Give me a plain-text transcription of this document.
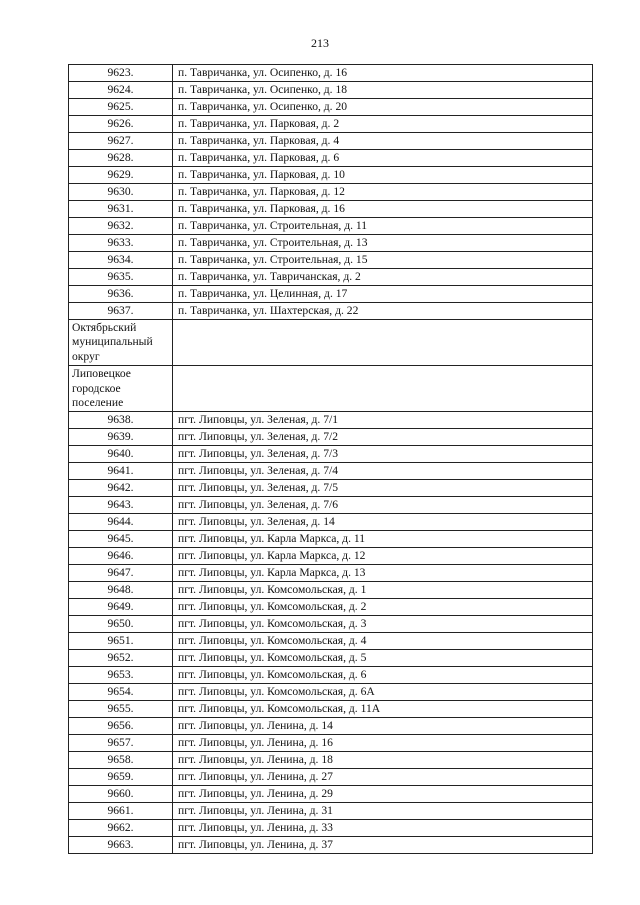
213
9623.	п. Тавричанка, ул. Осипенко, д. 16
9624.	п. Тавричанка, ул. Осипенко, д. 18
9625.	п. Тавричанка, ул. Осипенко, д. 20
9626.	п. Тавричанка, ул. Парковая, д. 2
9627.	п. Тавричанка, ул. Парковая, д. 4
9628.	п. Тавричанка, ул. Парковая, д. 6
9629.	п. Тавричанка, ул. Парковая, д. 10
9630.	п. Тавричанка, ул. Парковая, д. 12
9631.	п. Тавричанка, ул. Парковая, д. 16
9632.	п. Тавричанка, ул. Строительная, д. 11
9633.	п. Тавричанка, ул. Строительная, д. 13
9634.	п. Тавричанка, ул. Строительная, д. 15
9635.	п. Тавричанка, ул. Тавричанская, д. 2
9636.	п. Тавричанка, ул. Целинная, д. 17
9637.	п. Тавричанка, ул. Шахтерская, д. 22
Октябрьский муниципальный округ	
Липовецкое городское поселение	
9638.	пгт. Липовцы, ул. Зеленая, д. 7/1
9639.	пгт. Липовцы, ул. Зеленая, д. 7/2
9640.	пгт. Липовцы, ул. Зеленая, д. 7/3
9641.	пгт. Липовцы, ул. Зеленая, д. 7/4
9642.	пгт. Липовцы, ул. Зеленая, д. 7/5
9643.	пгт. Липовцы, ул. Зеленая, д. 7/6
9644.	пгт. Липовцы, ул. Зеленая, д. 14
9645.	пгт. Липовцы, ул. Карла Маркса, д. 11
9646.	пгт. Липовцы, ул. Карла Маркса, д. 12
9647.	пгт. Липовцы, ул. Карла Маркса, д. 13
9648.	пгт. Липовцы, ул. Комсомольская, д. 1
9649.	пгт. Липовцы, ул. Комсомольская, д. 2
9650.	пгт. Липовцы, ул. Комсомольская, д. 3
9651.	пгт. Липовцы, ул. Комсомольская, д. 4
9652.	пгт. Липовцы, ул. Комсомольская, д. 5
9653.	пгт. Липовцы, ул. Комсомольская, д. 6
9654.	пгт. Липовцы, ул. Комсомольская, д. 6А
9655.	пгт. Липовцы, ул. Комсомольская, д. 11А
9656.	пгт. Липовцы, ул. Ленина, д. 14
9657.	пгт. Липовцы, ул. Ленина, д. 16
9658.	пгт. Липовцы, ул. Ленина, д. 18
9659.	пгт. Липовцы, ул. Ленина, д. 27
9660.	пгт. Липовцы, ул. Ленина, д. 29
9661.	пгт. Липовцы, ул. Ленина, д. 31
9662.	пгт. Липовцы, ул. Ленина, д. 33
9663.	пгт. Липовцы, ул. Ленина, д. 37
